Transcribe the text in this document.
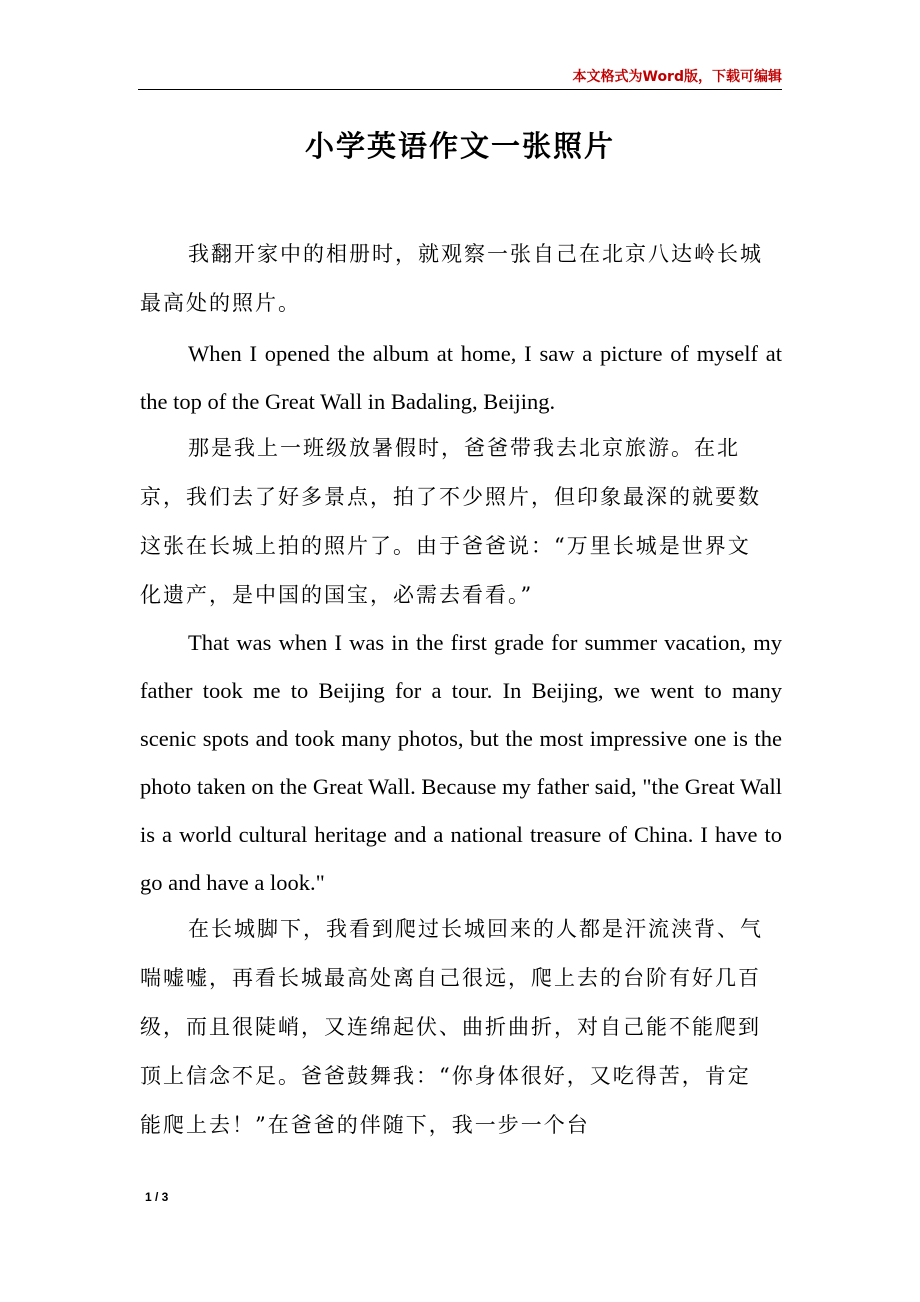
本文格式为Word版，下载可编辑
小学英语作文一张照片

我翻开家中的相册时，就观察一张自己在北京八达岭长城最高处的照片。

When I opened the album at home, I saw a picture of myself at the top of the Great Wall in Badaling, Beijing.

那是我上一班级放暑假时，爸爸带我去北京旅游。在北京，我们去了好多景点，拍了不少照片，但印象最深的就要数这张在长城上拍的照片了。由于爸爸说：“万里长城是世界文化遗产，是中国的国宝，必需去看看。”

That was when I was in the first grade for summer vacation, my father took me to Beijing for a tour. In Beijing, we went to many scenic spots and took many photos, but the most impressive one is the photo taken on the Great Wall. Because my father said, "the Great Wall is a world cultural heritage and a national treasure of China. I have to go and have a look."

在长城脚下，我看到爬过长城回来的人都是汗流浃背、气喘嘘嘘，再看长城最高处离自己很远，爬上去的台阶有好几百级，而且很陡峭，又连绵起伏、曲折曲折，对自己能不能爬到顶上信念不足。爸爸鼓舞我：“你身体很好，又吃得苦，肯定能爬上去！”在爸爸的伴随下，我一步一个台

1 / 3
